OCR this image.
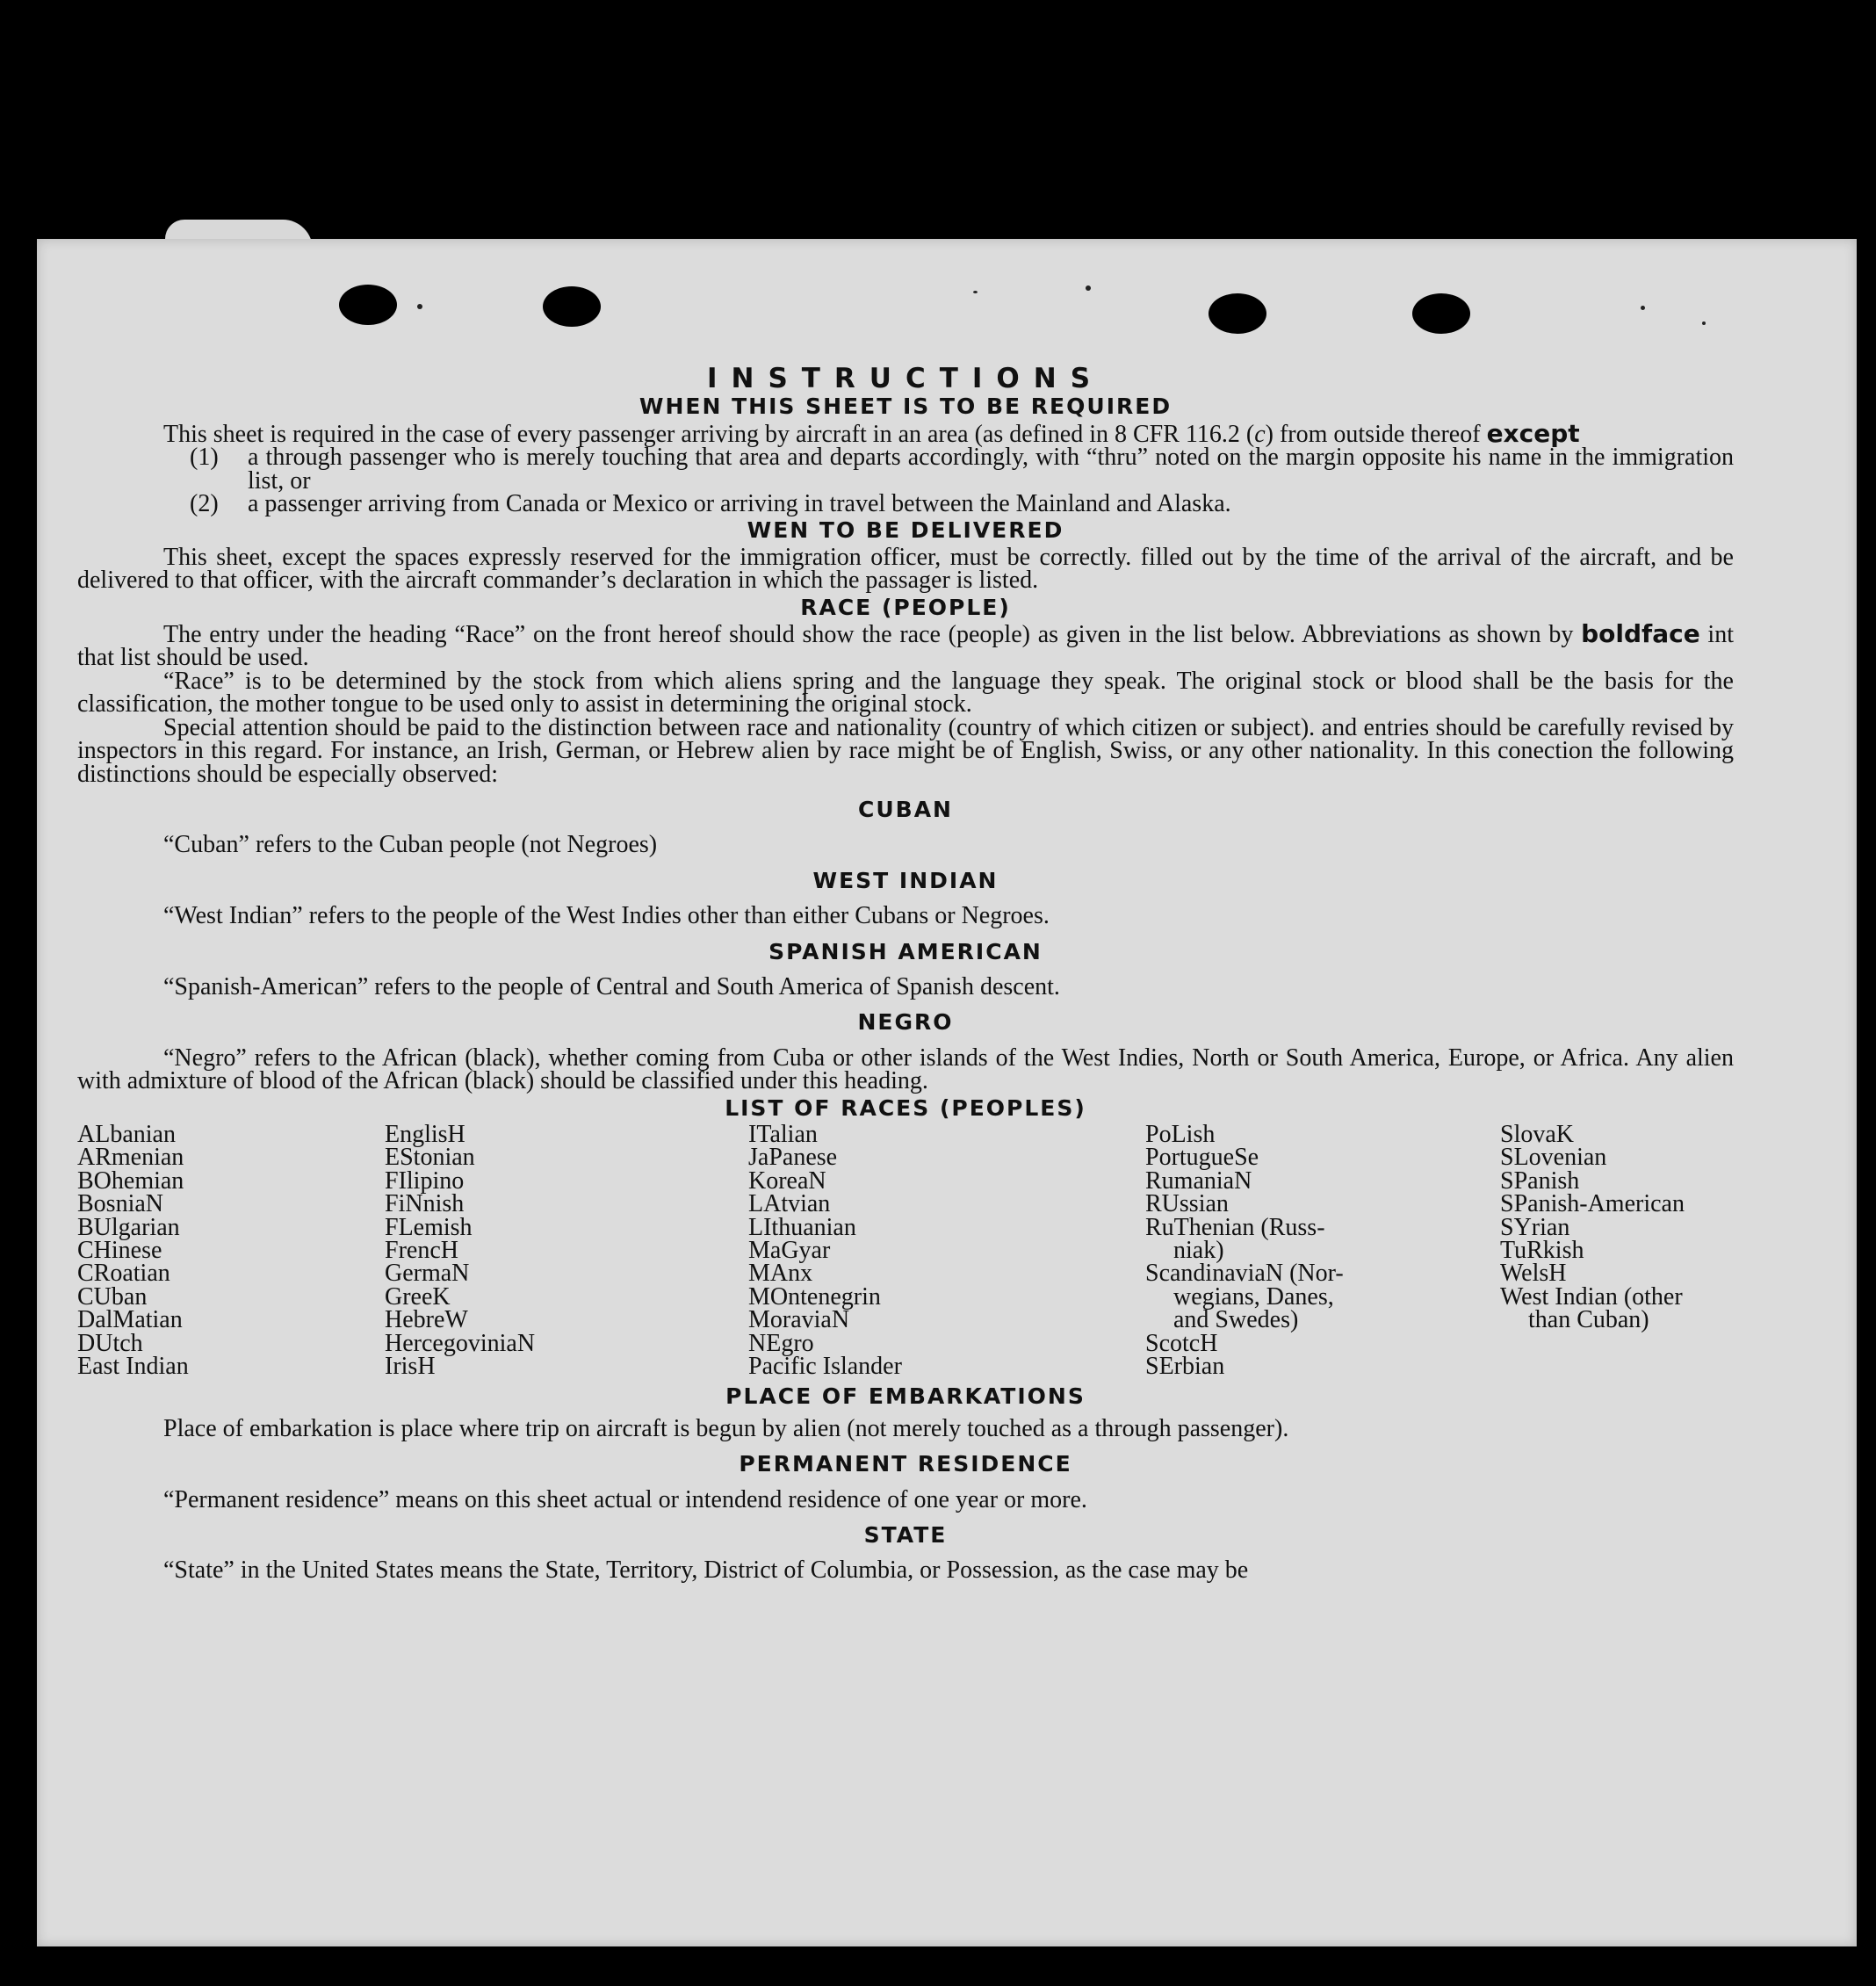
INSTRUCTIONS
WHEN THIS SHEET IS TO BE REQUIRED

This sheet is required in the case of every passenger arriving by aircraft in an area (as defined in 8 CFR 116.2 (c) from outside thereof except

(1)	a through passenger who is merely touching that area and departs accordingly, with “thru” noted on the margin opposite his name in the immigration list, or
(2)	a passenger arriving from Canada or Mexico or arriving in travel between the Mainland and Alaska.
WEN TO BE DELIVERED

This sheet, except the spaces expressly reserved for the immigration officer, must be correctly. filled out by the time of the arrival of the aircraft, and be delivered to that officer, with the aircraft commander’s declaration in which the passager is listed.

RACE (PEOPLE)

The entry under the heading “Race” on the front hereof should show the race (people) as given in the list below. Abbreviations as shown by boldface int that list should be used.

“Race” is to be determined by the stock from which aliens spring and the language they speak. The original stock or blood shall be the basis for the classification, the mother tongue to be used only to assist in determining the original stock.

Special attention should be paid to the distinction between race and nationality (country of which citizen or subject). and entries should be carefully revised by inspectors in this regard. For instance, an Irish, German, or Hebrew alien by race might be of English, Swiss, or any other nationality. In this conection the following distinctions should be especially observed:

CUBAN

“Cuban” refers to the Cuban people (not Negroes)

WEST INDIAN

“West Indian” refers to the people of the West Indies other than either Cubans or Negroes.

SPANISH AMERICAN

“Spanish-American” refers to the people of Central and South America of Spanish descent.

NEGRO

“Negro” refers to the African (black), whether coming from Cuba or other islands of the West Indies, North or South America, Europe, or Africa. Any alien with admixture of blood of the African (black) should be classified under this heading.

LIST OF RACES (PEOPLES)
ALbanian
ARmenian
BOhemian
BosniaN
BUlgarian
CHinese
CRoatian
CUban
DalMatian
DUtch
East Indian
EnglisH
EStonian
FIlipino
FiNnish
FLemish
FrencH
GermaN
GreeK
HebreW
HercegoviniaN
IrisH
ITalian
JaPanese
KoreaN
LAtvian
LIthuanian
MaGyar
MAnx
MOntenegrin
MoraviaN
NEgro
Pacific Islander
PoLish
PortugueSe
RumaniaN
RUssian
RuThenian (Russ-
niak)
ScandinaviaN (Nor-
wegians, Danes,
and Swedes)
ScotcH
SErbian
SlovaK
SLovenian
SPanish
SPanish-American
SYrian
TuRkish
WelsH
West Indian (other
than Cuban)
PLACE OF EMBARKATIONS

Place of embarkation is place where trip on aircraft is begun by alien (not merely touched as a through passenger).

PERMANENT RESIDENCE

“Permanent residence” means on this sheet actual or intendend residence of one year or more.

STATE

“State” in the United States means the State, Territory, District of Columbia, or Possession, as the case may be
